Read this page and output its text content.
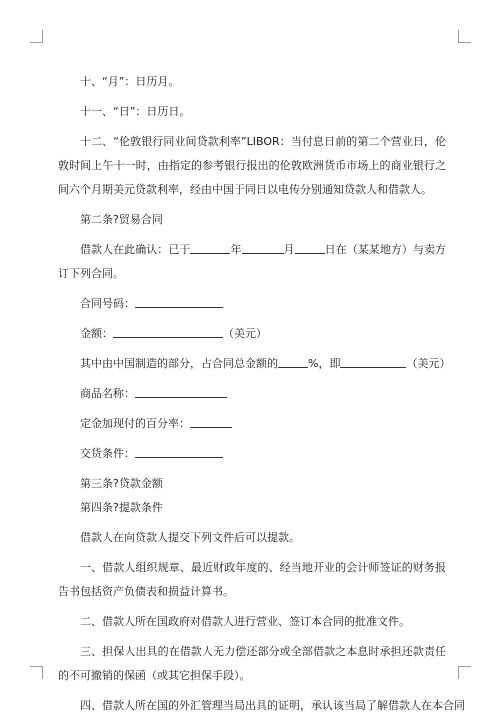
十、“月”：日历月。

十一、“日”：日历日。

十二、“伦敦银行同业间贷款利率”LIBOR：当付息日前的第二个营业日，伦敦时间上午十一时，由指定的参考银行报出的伦敦欧洲货币市场上的商业银行之间六个月期美元贷款利率，经由中国于同日以电传分别通知贷款人和借款人。

第二条?贸易合同

借款人在此确认：已于	年	月	日在（某某地方）与卖方订下列合同。

合同号码：

金额：	（美元）

其中由中国制造的部分，占合同总金额的	%，即	（美元）

商品名称：

定金加现付的百分率：

交货条件：

第三条?贷款金额

第四条?提款条件

借款人在向贷款人提交下列文件后可以提款。

一、借款人组织规章、最近财政年度的、经当地开业的会计师签证的财务报告书包括资产负债表和损益计算书。

二、借款人所在国政府对借款人进行营业、签订本合同的批准文件。

三、担保人出具的在借款人无力偿还部分或全部借款之本息时承担还款责任的不可撤销的保函（或其它担保手段）。

四、借款人所在国的外汇管理当局出具的证明，承认该当局了解借款人在本合同
